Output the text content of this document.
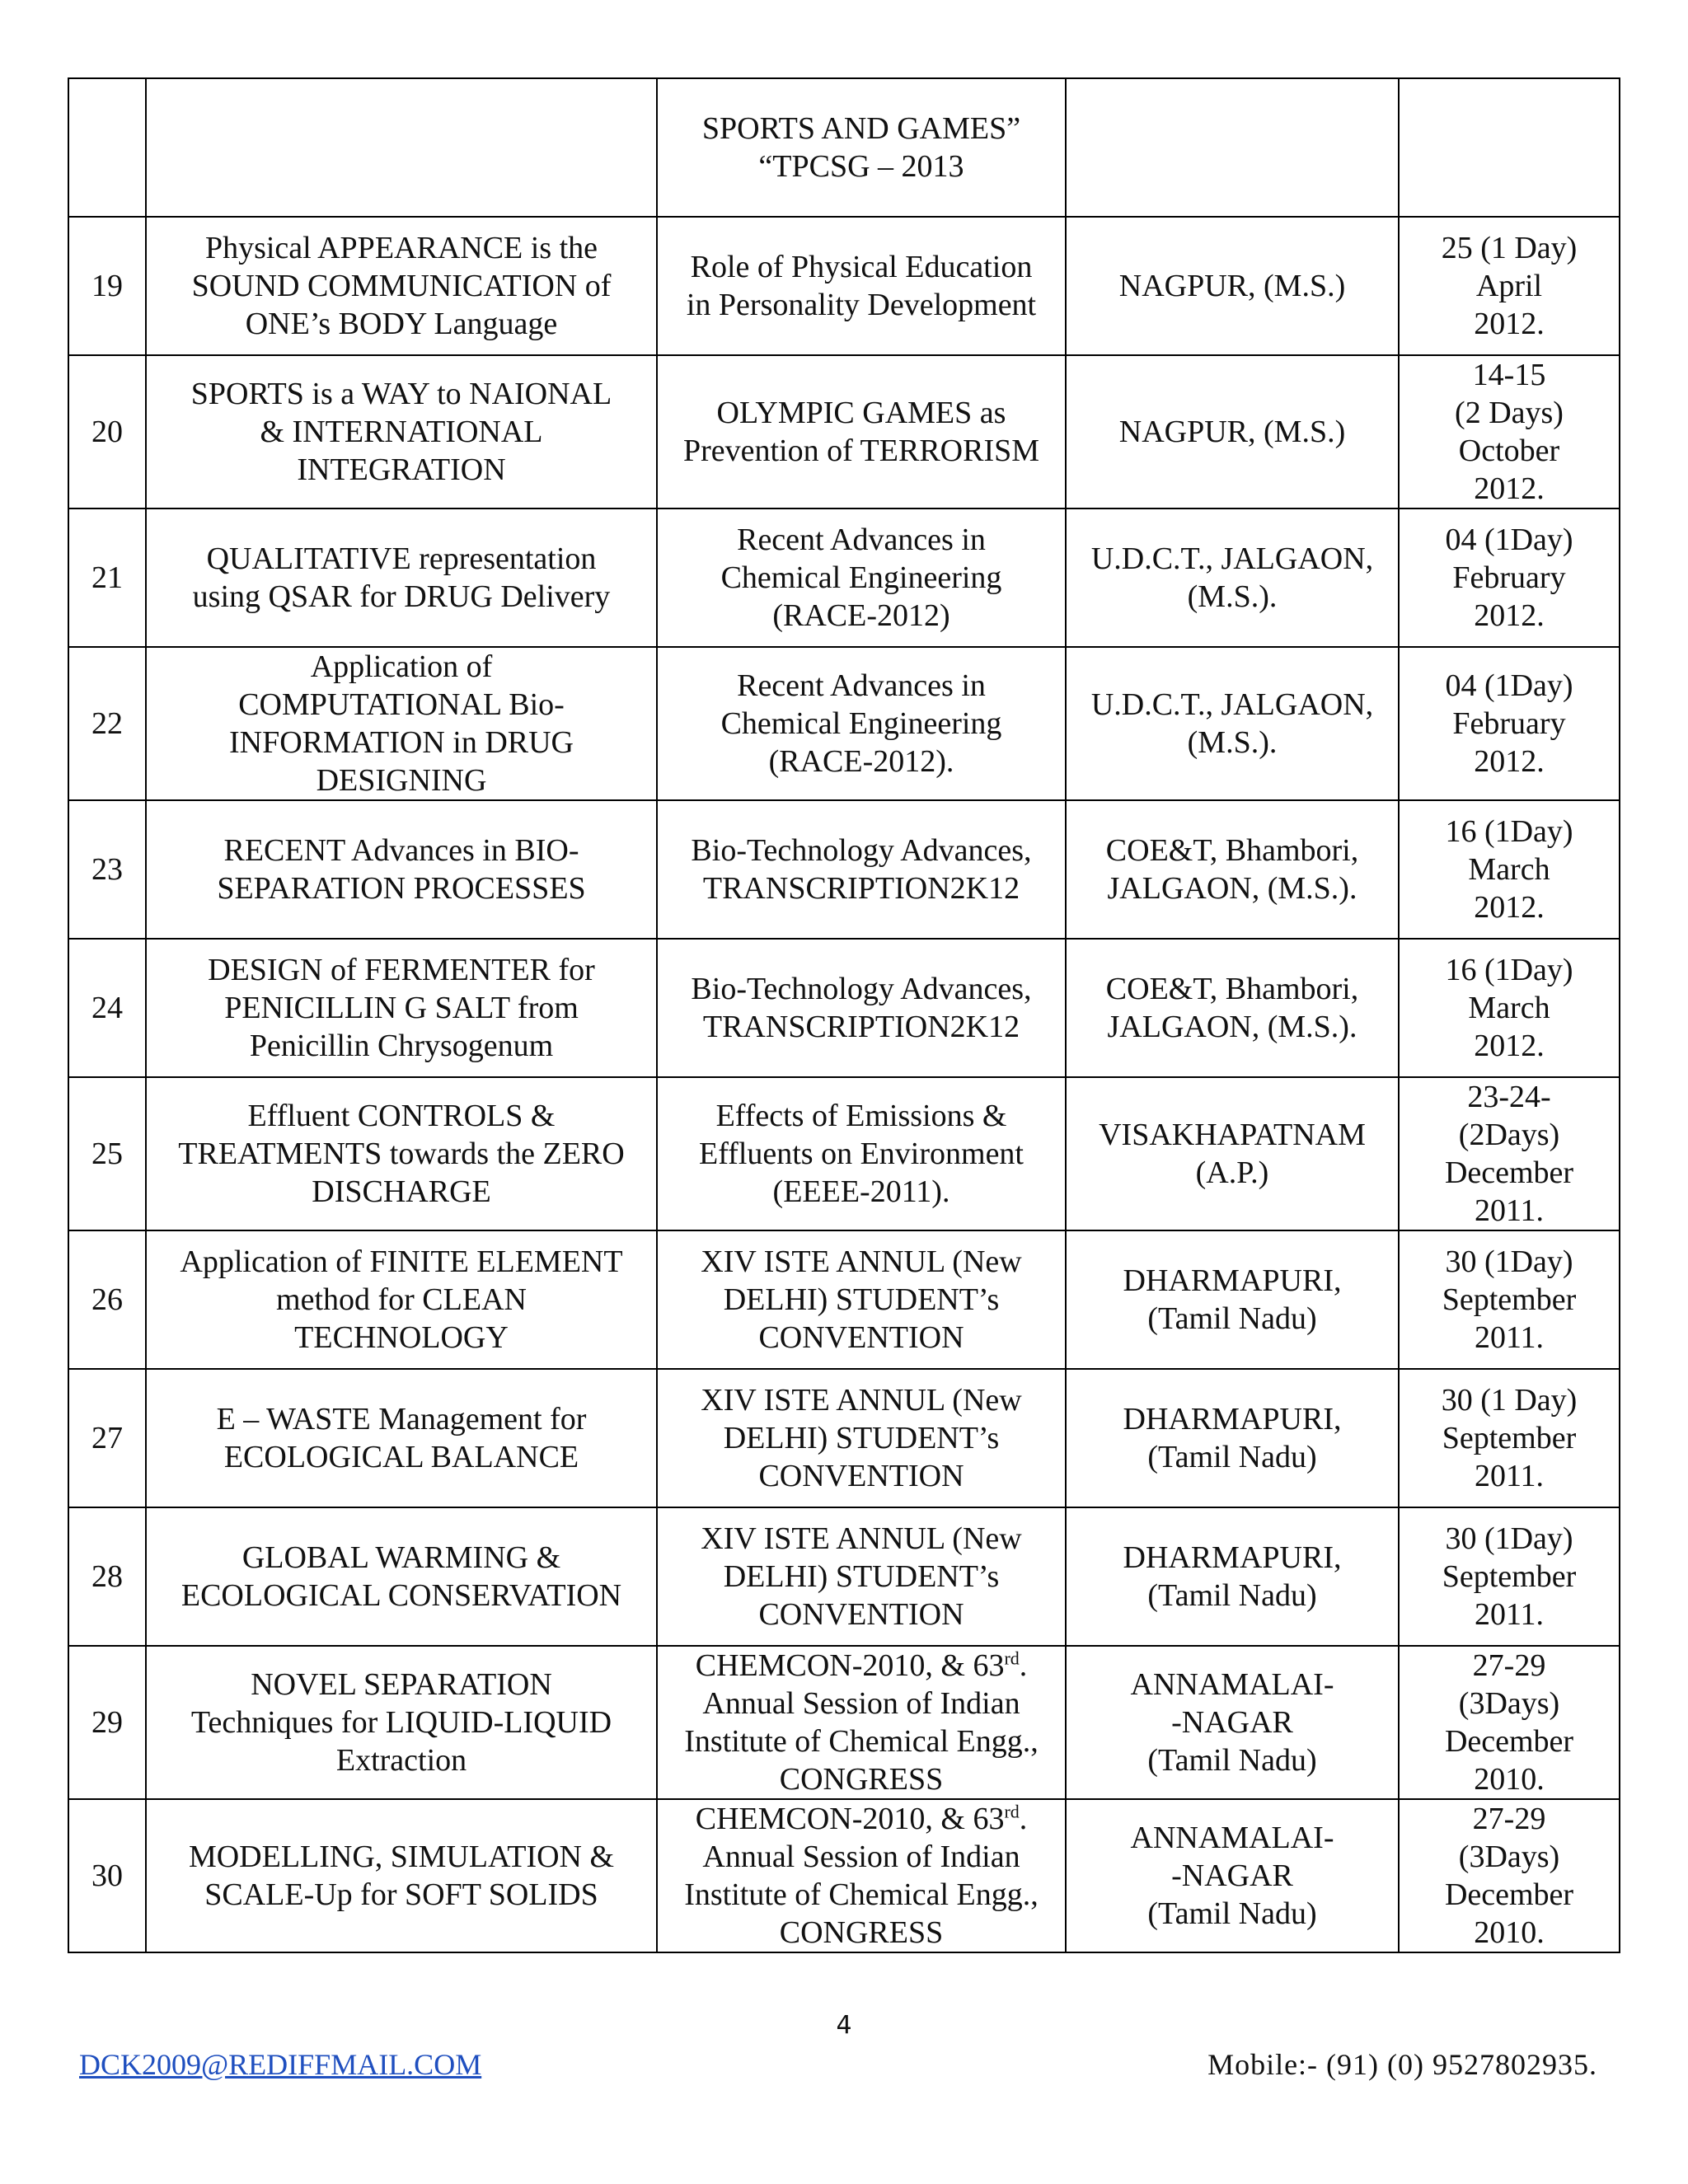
		SPORTS AND GAMES”
“TPCSG – 2013		

19	Physical APPEARANCE is the
SOUND COMMUNICATION of
ONE’s BODY Language	Role of Physical Education
in Personality Development	NAGPUR, (M.S.)	25 (1 Day)
April
2012.

20	SPORTS is a WAY to NAIONAL
& INTERNATIONAL
INTEGRATION	OLYMPIC GAMES as
Prevention of TERRORISM	NAGPUR, (M.S.)	14-15
(2 Days)
October
2012.

21	QUALITATIVE representation
using QSAR for DRUG Delivery	Recent Advances in
Chemical Engineering
(RACE-2012)	U.D.C.T., JALGAON,
(M.S.).	04 (1Day)
February
2012.

22	Application of
COMPUTATIONAL Bio-
INFORMATION in DRUG
DESIGNING	Recent Advances in
Chemical Engineering
(RACE-2012).	U.D.C.T., JALGAON,
(M.S.).	04 (1Day)
February
2012.

23	RECENT Advances in BIO-
SEPARATION PROCESSES	Bio-Technology Advances,
TRANSCRIPTION2K12	COE&T, Bhambori,
JALGAON, (M.S.).	16 (1Day)
March
2012.

24	DESIGN of FERMENTER for
PENICILLIN G SALT from
Penicillin Chrysogenum	Bio-Technology Advances,
TRANSCRIPTION2K12	COE&T, Bhambori,
JALGAON, (M.S.).	16 (1Day)
March
2012.

25	Effluent CONTROLS &
TREATMENTS towards the ZERO
DISCHARGE	Effects of Emissions &
Effluents on Environment
(EEEE-2011).	VISAKHAPATNAM
(A.P.)	23-24-
(2Days)
December
2011.

26	Application of FINITE ELEMENT
method for CLEAN
TECHNOLOGY	XIV ISTE ANNUL (New
DELHI) STUDENT’s
CONVENTION	DHARMAPURI,
(Tamil Nadu)	30 (1Day)
September
2011.

27	E – WASTE Management for
ECOLOGICAL BALANCE	XIV ISTE ANNUL (New
DELHI) STUDENT’s
CONVENTION	DHARMAPURI,
(Tamil Nadu)	30 (1 Day)
September
2011.

28	GLOBAL WARMING &
ECOLOGICAL CONSERVATION	XIV ISTE ANNUL (New
DELHI) STUDENT’s
CONVENTION	DHARMAPURI,
(Tamil Nadu)	30 (1Day)
September
2011.

29	NOVEL SEPARATION
Techniques for LIQUID-LIQUID
Extraction	CHEMCON-2010, & 63rd.
Annual Session of Indian
Institute of Chemical Engg.,
CONGRESS	ANNAMALAI-
-NAGAR
(Tamil Nadu)	27-29
(3Days)
December
2010.

30	MODELLING, SIMULATION &
SCALE-Up for SOFT SOLIDS	CHEMCON-2010, & 63rd.
Annual Session of Indian
Institute of Chemical Engg.,
CONGRESS	ANNAMALAI-
-NAGAR
(Tamil Nadu)	27-29
(3Days)
December
2010.
4
DCK2009@REDIFFMAIL.COM	Mobile:- (91) (0) 9527802935.
